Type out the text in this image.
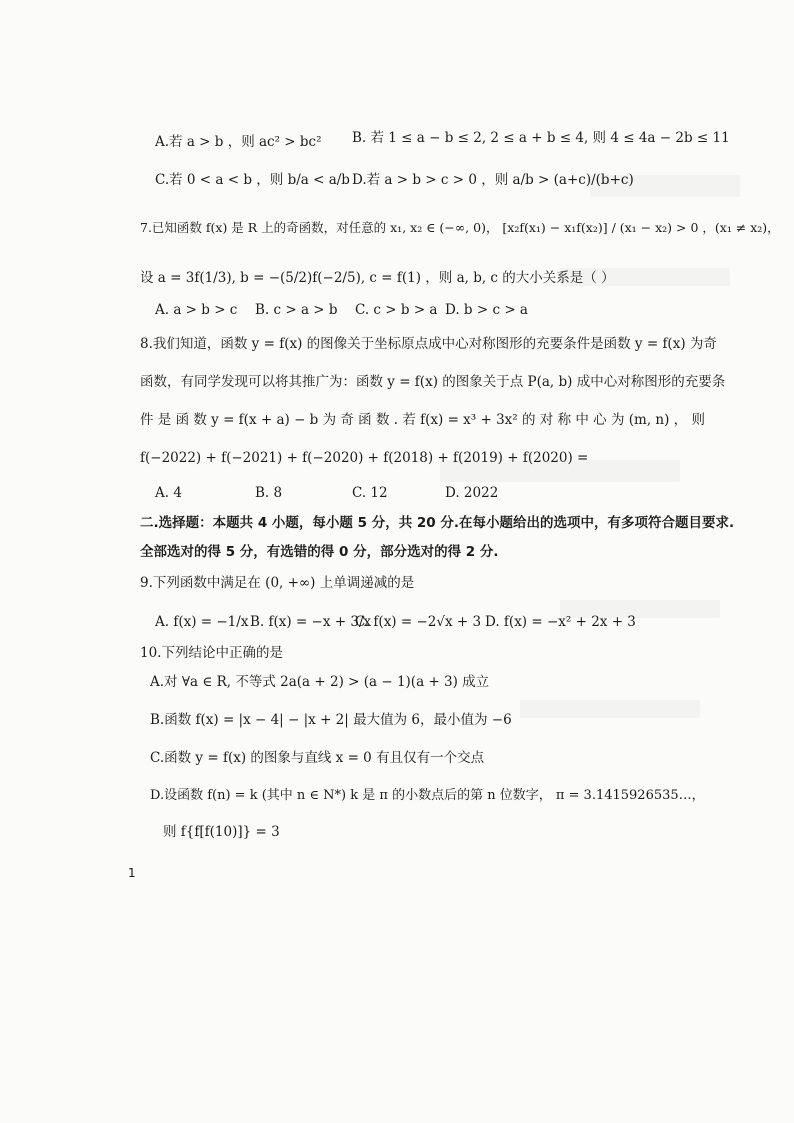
A.若 a > b ，则 ac² > bc² B. 若 1 ≤ a − b ≤ 2, 2 ≤ a + b ≤ 4, 则 4 ≤ 4a − 2b ≤ 11
C.若 0 < a < b ，则 b/a < a/b D.若 a > b > c > 0 ，则 a/b > (a+c)/(b+c)
7.已知函数 f(x) 是 R 上的奇函数，对任意的 x₁, x₂ ∈ (−∞, 0)， [x₂f(x₁) − x₁f(x₂)] / (x₁ − x₂) > 0 ，(x₁ ≠ x₂)，
设 a = 3f(1/3), b = −(5/2)f(−2/5), c = f(1) ，则 a, b, c 的大小关系是（ ）
A. a > b > c B. c > a > b C. c > b > a D. b > c > a
8.我们知道，函数 y = f(x) 的图像关于坐标原点成中心对称图形的充要条件是函数 y = f(x) 为奇
函数，有同学发现可以将其推广为：函数 y = f(x) 的图象关于点 P(a, b) 成中心对称图形的充要条
件 是 函 数 y = f(x + a) − b 为 奇 函 数 . 若 f(x) = x³ + 3x² 的 对 称 中 心 为 (m, n) ， 则
f(−2022) + f(−2021) + f(−2020) + f(2018) + f(2019) + f(2020) =
A. 4	B. 8	C. 12	D. 2022
二.选择题：本题共 4 小题，每小题 5 分，共 20 分.在每小题给出的选项中，有多项符合题目要求.
全部选对的得 5 分，有选错的得 0 分，部分选对的得 2 分.
9.下列函数中满足在 (0, +∞) 上单调递减的是
A. f(x) = −1/x B. f(x) = −x + 3/x
C. f(x) = −2√x + 3 D. f(x) = −x² + 2x + 3
10.下列结论中正确的是
A.对 ∀a ∈ R, 不等式 2a(a + 2) > (a − 1)(a + 3) 成立
B.函数 f(x) = |x − 4| − |x + 2| 最大值为 6，最小值为 −6
C.函数 y = f(x) 的图象与直线 x = 0 有且仅有一个交点
D.设函数 f(n) = k (其中 n ∈ N*) k 是 π 的小数点后的第 n 位数字， π = 3.1415926535…，
则 f{f[f(10)]} = 3
1
